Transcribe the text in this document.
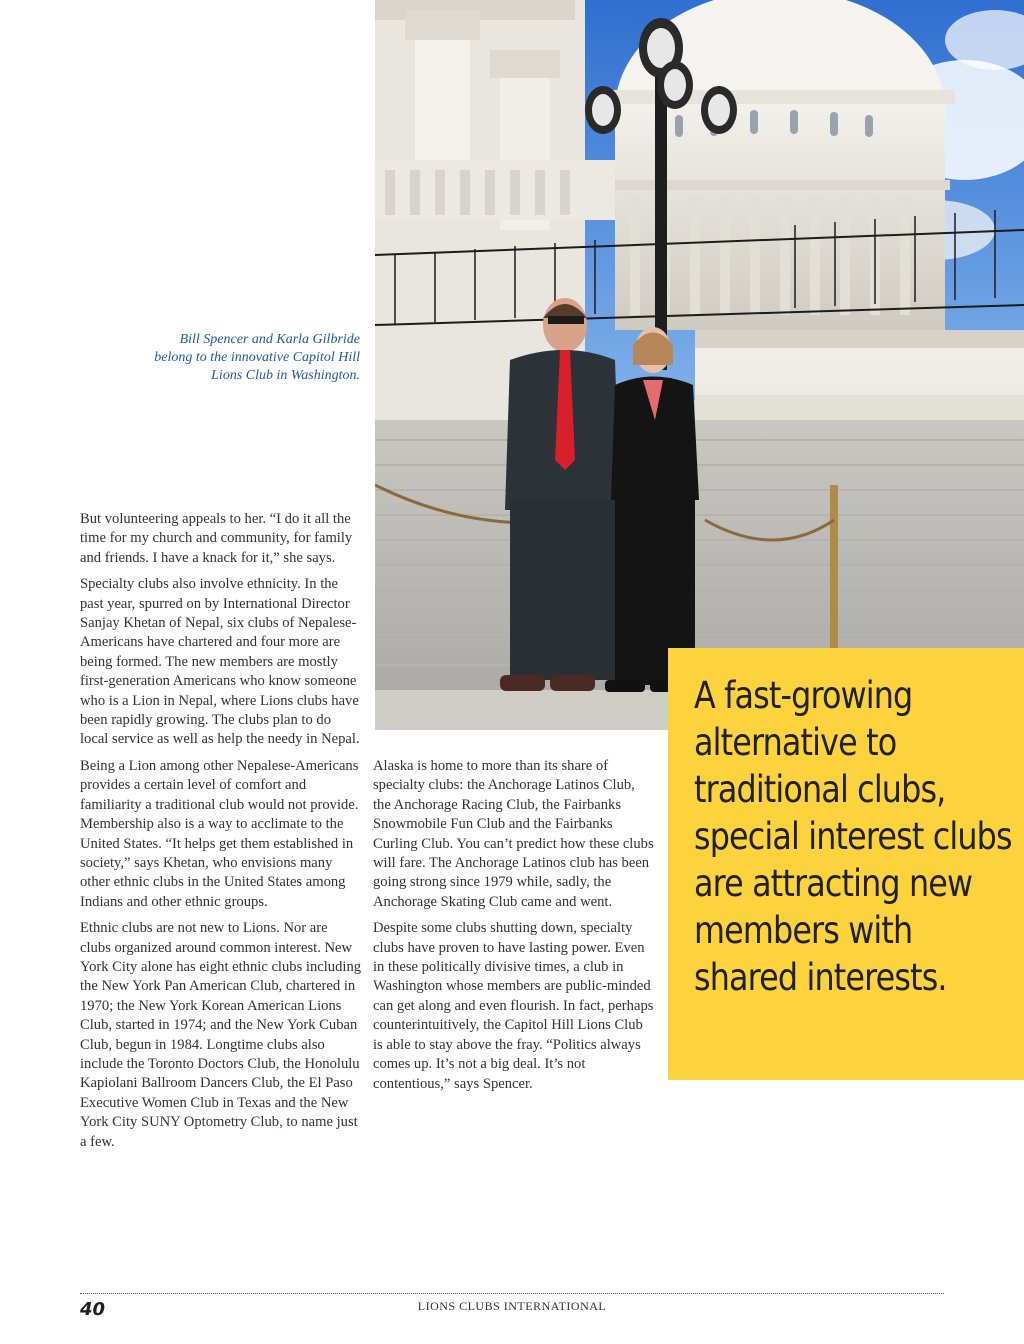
Bill Spencer and Karla Gilbride belong to the innovative Capitol Hill Lions Club in Washington.

But volunteering appeals to her. “I do it all the time for my church and community, for family and friends. I have a knack for it,” she says.

Specialty clubs also involve ethnicity. In the past year, spurred on by International Director Sanjay Khetan of Nepal, six clubs of Nepalese-Americans have chartered and four more are being formed. The new members are mostly first-generation Americans who know someone who is a Lion in Nepal, where Lions clubs have been rapidly growing. The clubs plan to do local service as well as help the needy in Nepal.

Being a Lion among other Nepalese-Americans provides a certain level of comfort and familiarity a traditional club would not provide. Membership also is a way to acclimate to the United States. “It helps get them established in society,” says Khetan, who envisions many other ethnic clubs in the United States among Indians and other ethnic groups.

Ethnic clubs are not new to Lions. Nor are clubs organized around common interest. New York City alone has eight ethnic clubs including the New York Pan American Club, chartered in 1970; the New York Korean American Lions Club, started in 1974; and the New York Cuban Club, begun in 1984. Longtime clubs also include the Toronto Doctors Club, the Honolulu Kapiolani Ballroom Dancers Club, the El Paso Executive Women Club in Texas and the New York City SUNY Optometry Club, to name just a few.

Alaska is home to more than its share of specialty clubs: the Anchorage Latinos Club, the Anchorage Racing Club, the Fairbanks Snowmobile Fun Club and the Fairbanks Curling Club. You can’t predict how these clubs will fare. The Anchorage Latinos club has been going strong since 1979 while, sadly, the Anchorage Skating Club came and went.

Despite some clubs shutting down, specialty clubs have proven to have lasting power. Even in these politically divisive times, a club in Washington whose members are public-minded can get along and even flourish. In fact, perhaps counterintuitively, the Capitol Hill Lions Club is able to stay above the fray. “Politics always comes up. It’s not a big deal. It’s not contentious,” says Spencer.

A fast-growing alternative to traditional clubs, special interest clubs are attracting new members with shared interests.
40	LIONS CLUBS INTERNATIONAL
